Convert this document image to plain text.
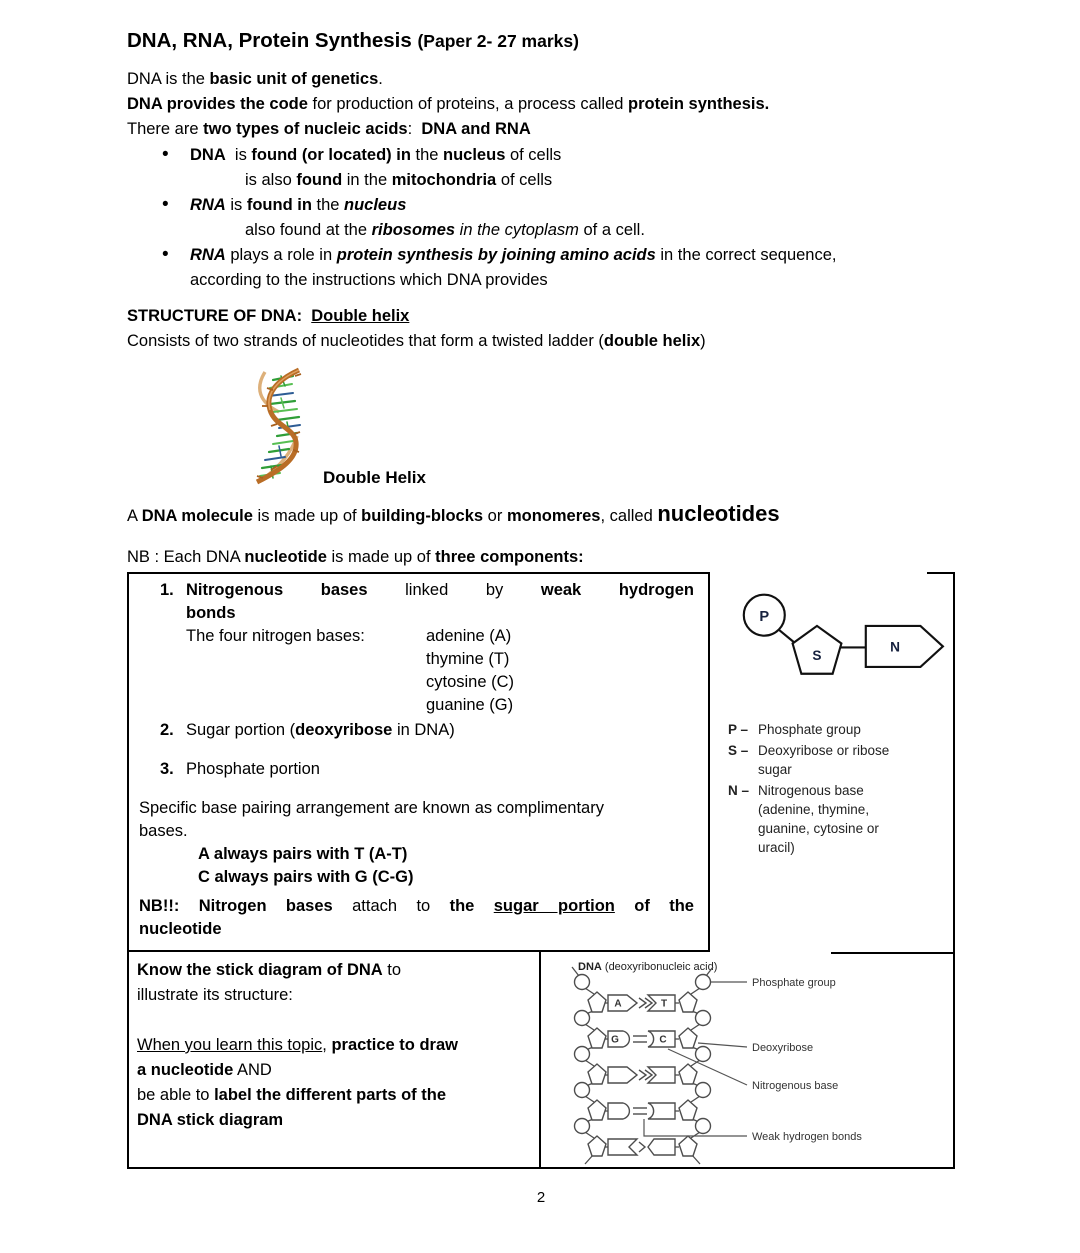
DNA, RNA, Protein Synthesis (Paper 2- 27 marks)

DNA is the basic unit of genetics.

DNA provides the code for production of proteins, a process called protein synthesis.

There are two types of nucleic acids:  DNA and RNA

• DNA  is found (or located) in the nucleus of cells

is also found in the mitochondria of cells

• RNA is found in the nucleus

also found at the ribosomes in the cytoplasm of a cell.

• RNA plays a role in protein synthesis by joining amino acids in the correct sequence,

according to the instructions which DNA provides

STRUCTURE OF DNA:  Double helix

Consists of two strands of nucleotides that form a twisted ladder (double helix)

Double Helix

A DNA molecule is made up of building-blocks or monomeres, called nucleotides

NB : Each DNA nucleotide is made up of three components:

1. Nitrogenous bases linked by weak hydrogen

bonds

The four nitrogen bases:	adenine (A)
thymine (T)
cytosine (C)
guanine (G)
2. Sugar portion (deoxyribose in DNA)

3. Phosphate portion

Specific base pairing arrangement are known as complimentary

bases.

A always pairs with T (A-T)

C always pairs with G (C-G)

NB!!: Nitrogen bases attach to the sugar portion of the

nucleotide

P
S
N
P – Phosphate group
S – Deoxyribose or ribose sugar
N – Nitrogenous base (adenine, thymine, guanine, cytosine or uracil)

Know the stick diagram of DNA to

illustrate its structure:

When you learn this topic, practice to draw

a nucleotide AND

be able to label the different parts of the

DNA stick diagram

DNA (deoxyribonucleic acid)
A	T
G	C
Phosphate group
Deoxyribose
Nitrogenous base
Weak hydrogen bonds
2
